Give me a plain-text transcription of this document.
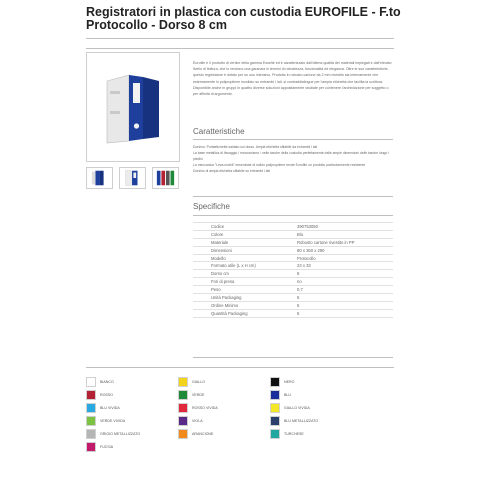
Registratori in plastica con custodia EUROFILE - F.to Protocollo - Dorso 8 cm
Eurofile è il prodotto di vertice della gamma Esselte ed è caratterizzato dall'ottima qualità dei materiali impiegati e dall'elevato livello di finitura, che lo rendono una garanzia in termini di robustezza, funzionalità ed eleganza. Oltre le sue caratteristiche, questo registratore è dotato per un uso intensivo. Prodotto in robusto cartone da 2 mm rivestito sia internamente che esternamente in polipropilene incollato su entrambi i lati, si contraddistingue per l'ampia etichetta che facilita la scrittura. Disponibile anche in gruppi in quattro diverse soluzioni appositamente studiate per contenere l'archiviazione per soggetto o per affinità di argomento.
Caratteristiche
Dorsino: Portaetichette saldato sul dorso. Ampia etichetta sfilabile da entrambi i lati
La base metallica di fissaggio / meccanismo / nelle tasche della custodia perfettamente dalle ampie dimensioni delle tasche lungo i piedini
La meccanica "Leva-mobili" essenziale di solido polipropilene rende Eurofile un prodotto particolarmente resistente
Dorsino di ampia etichetta sfilabile su entrambi i lati
Specifiche
Codice	390753050
Colore	Blu
Materiale	Robusto cartone rivestito in PP
Dimensioni	80 x 350 x 290
Modello	Protocollo
Formato utile (L x H cm)	23 x 33
Dorso cm	8
Fori di presa	no
Peso	0,7
Unità Packaging	5
Ordine Minimo	5
Quantità Packaging	5
BIANCO	GIALLO	NERO
ROSSO	VERDE	BLU
BLU VIVIDA	ROSSO VIVIDA	GIALLO VIVIDA
VERDE VIVIDA	VIOLA	BLU METALLIZZATO
GRIGIO METALLIZZATO	ARANCIONE	TURCHESE
FUCSIA
